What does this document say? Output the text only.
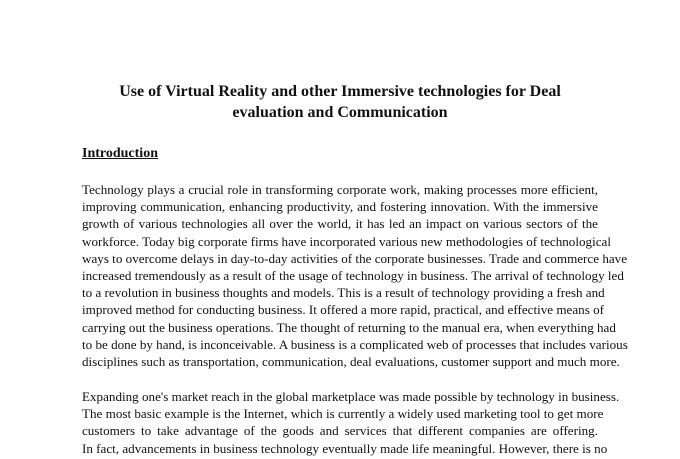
Use of Virtual Reality and other Immersive technologies for Deal
evaluation and Communication
Introduction

Technology plays a crucial role in transforming corporate work, making processes more efficient,
improving communication, enhancing productivity, and fostering innovation. With the immersive
growth of various technologies all over the world, it has led an impact on various sectors of the
workforce. Today big corporate firms have incorporated various new methodologies of technological
ways to overcome delays in day-to-day activities of the corporate businesses. Trade and commerce have
increased tremendously as a result of the usage of technology in business. The arrival of technology led
to a revolution in business thoughts and models. This is a result of technology providing a fresh and
improved method for conducting business. It offered a more rapid, practical, and effective means of
carrying out the business operations. The thought of returning to the manual era, when everything had
to be done by hand, is inconceivable. A business is a complicated web of processes that includes various
disciplines such as transportation, communication, deal evaluations, customer support and much more.

Expanding one's market reach in the global marketplace was made possible by technology in business.
The most basic example is the Internet, which is currently a widely used marketing tool to get more
customers to take advantage of the goods and services that different companies are offering.
In fact, advancements in business technology eventually made life meaningful. However, there is no
